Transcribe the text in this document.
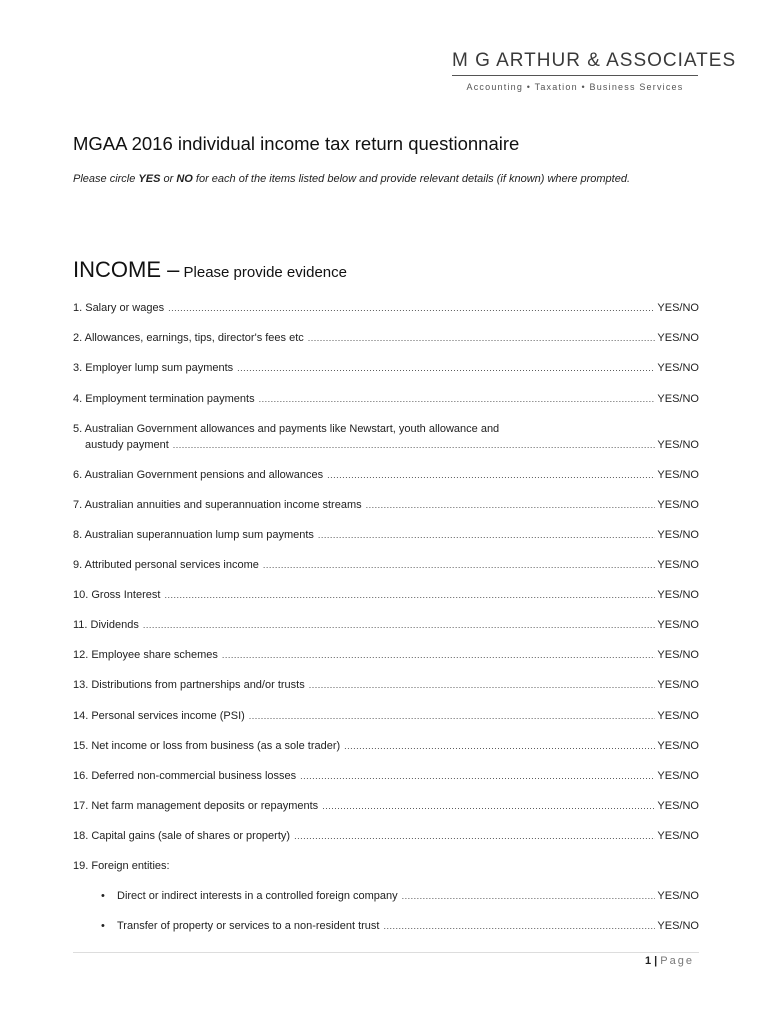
M G ARTHUR & ASSOCIATES
Accounting • Taxation • Business Services
MGAA 2016 individual income tax return questionnaire
Please circle YES or NO for each of the items listed below and provide relevant details (if known) where prompted.
INCOME – Please provide evidence
1. Salary or wages .....	YES/NO
2. Allowances, earnings, tips, director's fees etc .....	YES/NO
3. Employer lump sum payments .....	YES/NO
4. Employment termination payments .....	YES/NO
5. Australian Government allowances and payments like Newstart, youth allowance and
austudy payment .....	YES/NO
6. Australian Government pensions and allowances .....	YES/NO
7. Australian annuities and superannuation income streams .....	YES/NO
8. Australian superannuation lump sum payments .....	YES/NO
9. Attributed personal services income .....	YES/NO
10. Gross Interest .....	YES/NO
11. Dividends .....	YES/NO
12. Employee share schemes .....	YES/NO
13. Distributions from partnerships and/or trusts .....	YES/NO
14. Personal services income (PSI) .....	YES/NO
15. Net income or loss from business (as a sole trader) .....	YES/NO
16. Deferred non-commercial business losses .....	YES/NO
17. Net farm management deposits or repayments .....	YES/NO
18. Capital gains (sale of shares or property) .....	YES/NO
19. Foreign entities:
• Direct or indirect interests in a controlled foreign company .....	YES/NO
• Transfer of property or services to a non-resident trust .....	YES/NO
1 | Page
